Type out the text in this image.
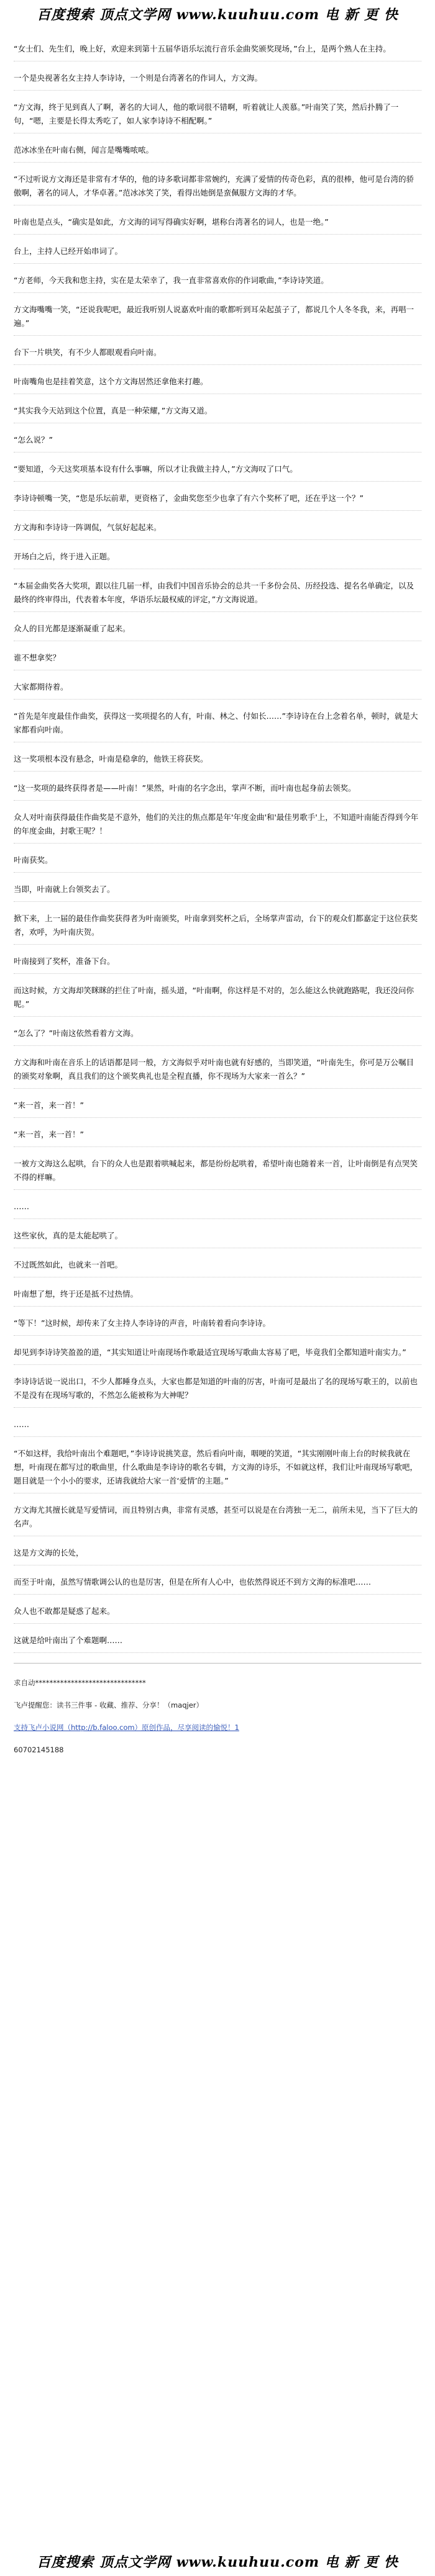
百度搜索 顶点文学网 www.kuuhuu.com 电 新 更 快

“女士们、先生们，晚上好，欢迎来到第十五届华语乐坛流行音乐金曲奖颁奖现场，”台上，是两个熟人在主持。

一个是央视著名女主持人李诗诗，一个则是台湾著名的作词人，方文海。

“方文海，终于见到真人了啊，著名的大词人，他的歌词很不错啊，听着就让人羡慕。”叶南笑了笑，然后扑腾了一句，“嗯，主要是长得太秀吃了，如人家李诗诗不相配啊。”

范冰冰坐在叶南右侧，闻言是嘴嘴哝哝。

“不过听说方文海还是非常有才华的，他的诗多歌词都非常婉约，充满了爱情的传奇色彩，真的很棒，他可是台湾的骄傲啊，著名的词人，才华卓著。”范冰冰笑了笑，看得出她倒是蛮佩服方文海的才华。

叶南也是点头，“确实是如此，方文海的词写得确实好啊，堪称台湾著名的词人，也是一绝。”

台上，主持人已经开始串词了。

“方老师，今天我和您主持，实在是太荣幸了，我一直非常喜欢你的作词歌曲，”李诗诗笑道。

方文海嘴嘴一笑，“还说我呢吧，最近我听别人说嘉欢叶南的歌都听到耳朵起茧子了，都说几个人冬冬我，来，再唱一遍。”

台下一片哄笑，有不少人都眼观看向叶南。

叶南嘴角也是挂着笑意，这个方文海居然还拿他来打趣。

“其实我今天站到这个位置，真是一种荣耀，”方文海又道。

“怎么说？”

“要知道，今天这奖项基本设有什么事嘛，所以才让我做主持人，”方文海叹了口气。

李诗诗顿嘴一笑，“您是乐坛前辈，更资格了，金曲奖您至少也拿了有六个奖杯了吧，还在乎这一个？”

方文海和李诗诗一阵调侃，气氛好起起来。

开场白之后，终于进入正题。

“本届金曲奖各大奖项，跟以往几届一样，由我们中国音乐协会的总共一千多份会员、历经投选、提名名单确定，以及最终的终审得出，代表着本年度，华语乐坛最权威的评定，”方文海说道。

众人的目光都是逐渐凝重了起来。

谁不想拿奖？

大家都期待着。

“首先是年度最佳作曲奖，获得这一奖项提名的人有，叶南、林之、付如长……”李诗诗在台上念着名单，顿时，就是大家都看向叶南。

这一奖项根本没有悬念，叶南是稳拿的，他铁王将获奖。

“这一奖项的最终获得者是——叶南！”果然，叶南的名字念出，掌声不断，而叶南也起身前去领奖。

众人对叶南获得最佳作曲奖是不意外，他们的关注的焦点都是年'年度金曲'和'最佳男歌手'上，不知道叶南能否得到今年的年度金曲，封歌王呢？！

叶南获奖。

当即，叶南就上台领奖去了。

掀下来，上一届的最佳作曲奖获得者为叶南颁奖，叶南拿到奖杯之后，全场掌声雷动，台下的观众们都嘉定于这位获奖者，欢呼，为叶南庆贺。

叶南接到了奖杯，准备下台。

而这时候，方文海却笑眯眯的拦住了叶南，摇头道，“叶南啊，你这样是不对的，怎么能这么快就跑路呢，我还没问你呢。”

“怎么了？”叶南这依然看着方文海。

方文海和叶南在音乐上的话语都是同一般，方文海似乎对叶南也就有好感的，当即笑道，“叶南先生，你可是万公嘱目的颁奖对象啊，真且我们的这个颁奖典礼也是全程直播，你不现场为大家来一首么？”

“来一首，来一首！”

“来一首，来一首！”

一被方文海这么起哄，台下的众人也是跟着哄喊起来，都是纷纷起哄着，希望叶南也随着来一首，让叶南倒是有点哭笑不得的样嘛。

……

这些家伙，真的是太能起哄了。

不过既然如此，也就来一首吧。

叶南想了想，终于还是抵不过热情。

“等下！”这时候，却传来了女主持人李诗诗的声音，叶南转着看向李诗诗。

却见到李诗诗笑盈盈的道，“其实知道让叶南现场作歌最适宜现场写歌曲太容易了吧，毕竟我们全都知道叶南实力。”

李诗诗话说一说出口，不少人都睡身点头，大家也都是知道的叶南的厉害，叶南可是最出了名的现场写歌王的，以前也不是没有在现场写歌的，不然怎么能被称为大神呢？

……

“不如这样，我给叶南出个难题吧，”李诗诗说挑笑意，然后看向叶南，咽哽的笑道，“其实刚刚叶南上台的时候我就在想，叶南现在都写过的歌曲里，什么歌曲是李诗诗的歌名专辑，方文海的诗乐，不如就这样，我们让叶南现场写歌吧，题目就是一个小小的要求，还请我就给大家一首‘爱情’的主题。”

方文海尤其擅长就是写爱情词，而且特别古典，非常有灵感，甚至可以说是在台湾独一无二，前所未见，当下了巨大的名声。

这是方文海的长处，

而至于叶南，虽然写情歌调公认的也是厉害，但是在所有人心中，也依然得说还不到方文海的标准吧……

众人也不敢都是疑惑了起来。

这就是给叶南出了个难题啊……

求自动*******************************

飞卢提醒您：读书三件事 - 收藏、推荐、分享！（maqjer）

支持飞卢小说网（http://b.faloo.com）原创作品，尽享阅读的愉悦！1

60702145188

百度搜索 顶点文学网 www.kuuhuu.com 电 新 更 快
